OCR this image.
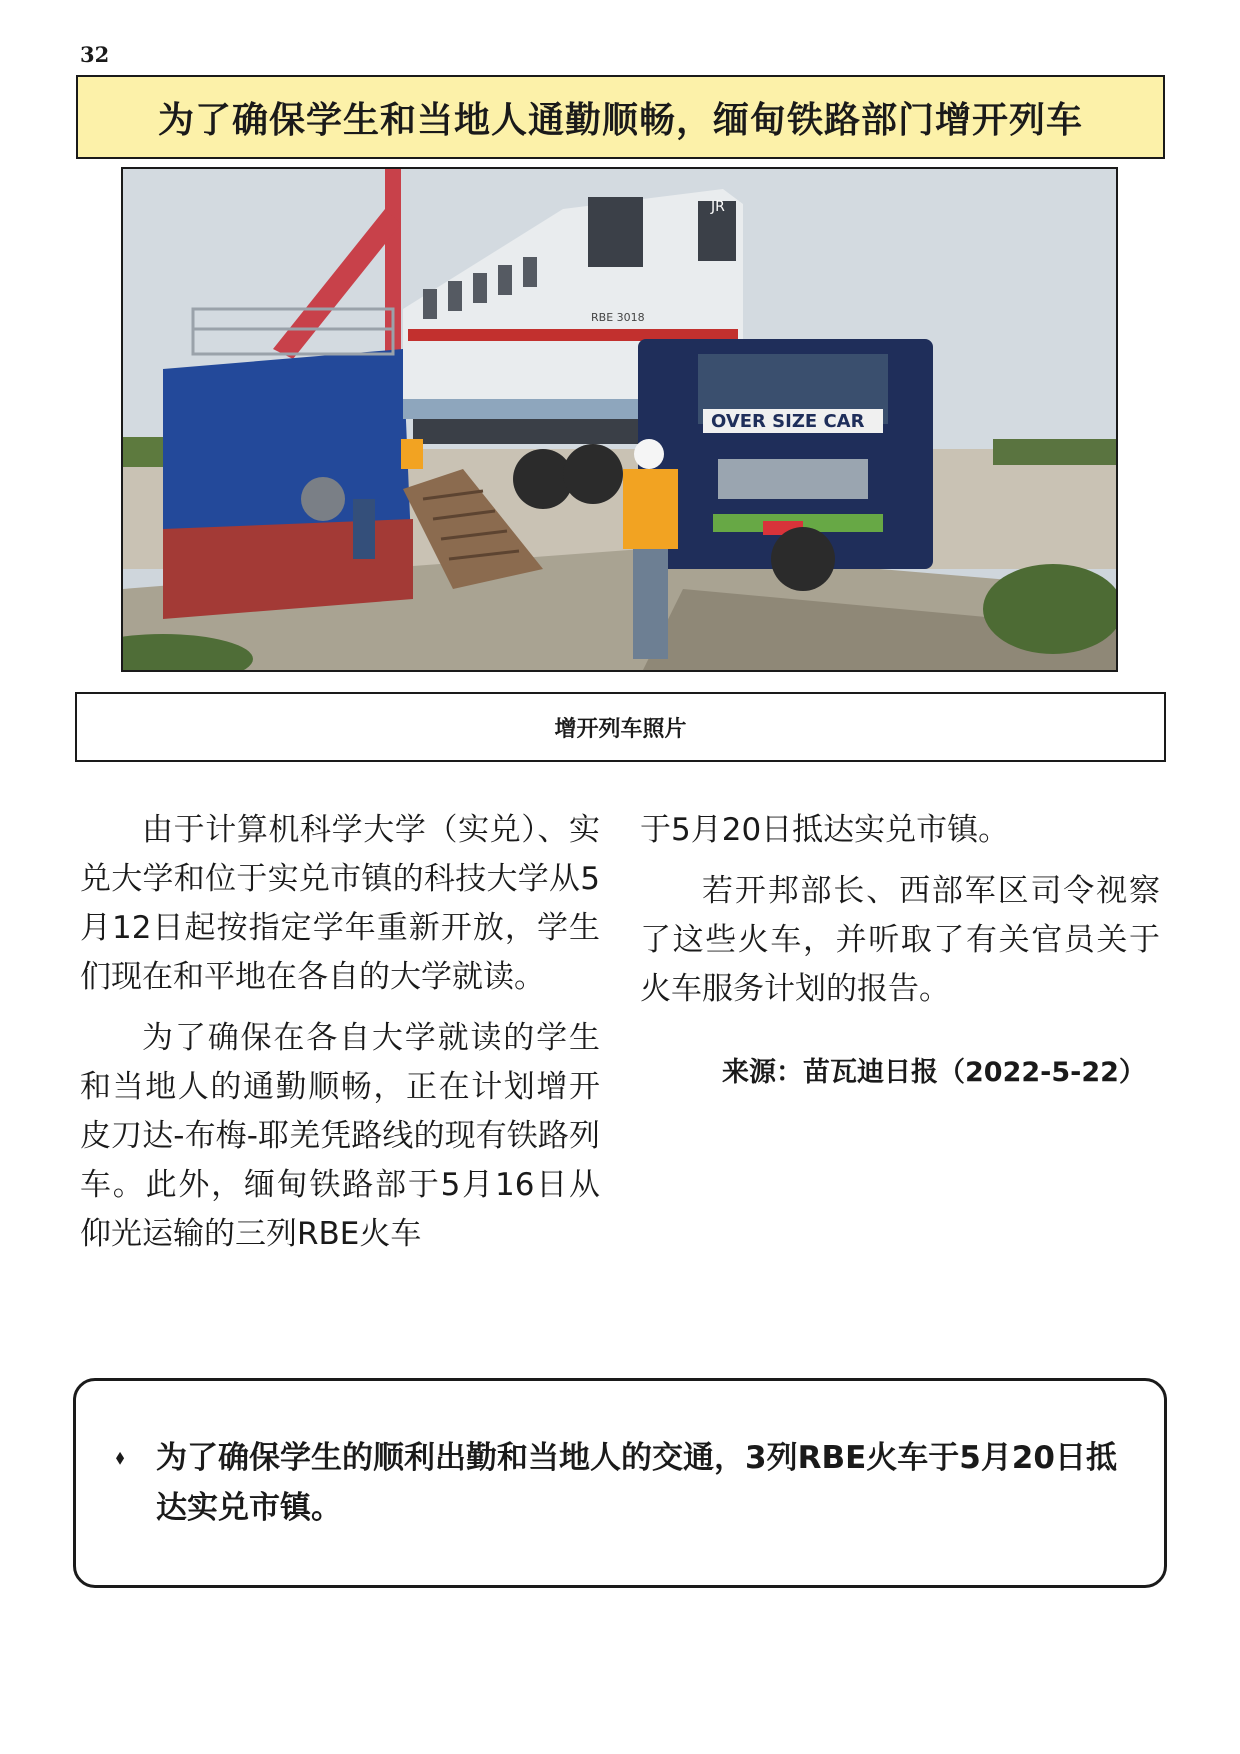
32
为了确保学生和当地人通勤顺畅，缅甸铁路部门增开列车
JR
RBE 3018
OVER SIZE CAR
增开列车照片

由于计算机科学大学（实兑）、实兑大学和位于实兑市镇的科技大学从5月12日起按指定学年重新开放，学生们现在和平地在各自的大学就读。

为了确保在各自大学就读的学生和当地人的通勤顺畅，正在计划增开皮刀达-布梅-耶羌凭路线的现有铁路列车。此外，缅甸铁路部于5月16日从仰光运输的三列RBE火车

于5月20日抵达实兑市镇。

若开邦部长、西部军区司令视察了这些火车，并听取了有关官员关于火车服务计划的报告。

来源：苗瓦迪日报（2022-5-22）
⬧	为了确保学生的顺利出勤和当地人的交通，3列RBE火车于5月20日抵达实兑市镇。
